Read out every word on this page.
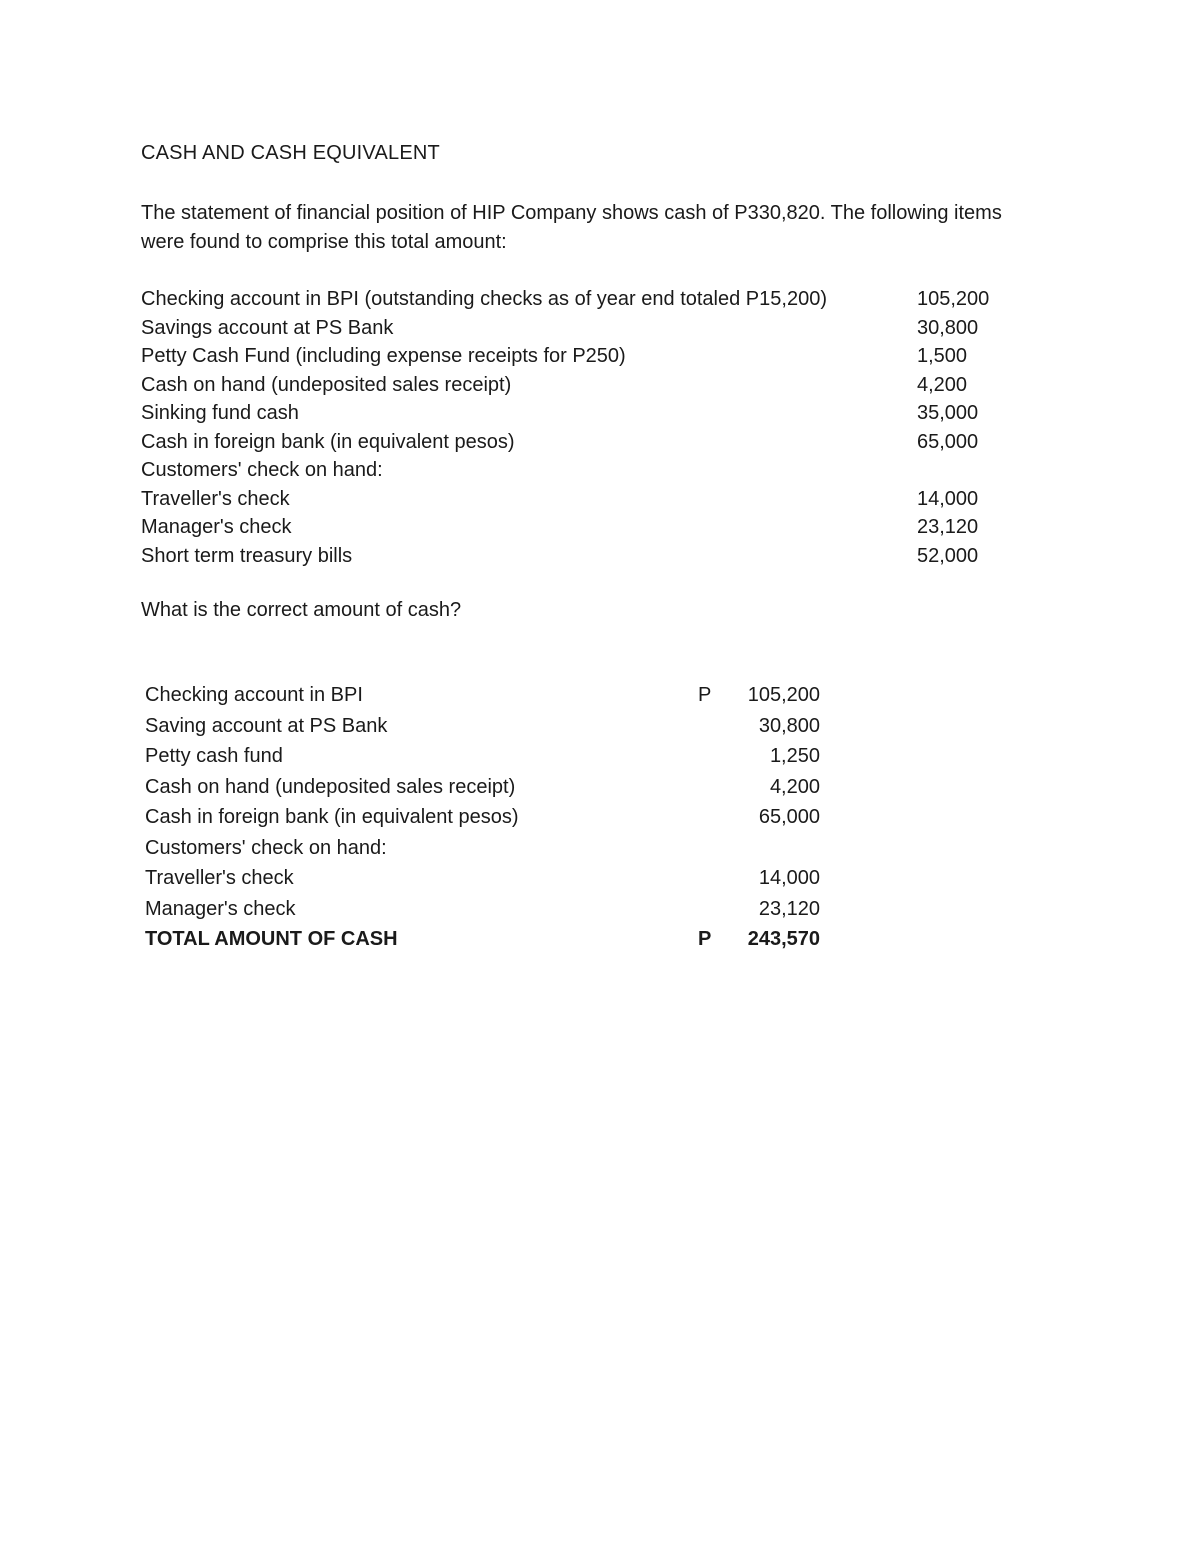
CASH AND CASH EQUIVALENT
The statement of financial position of HIP Company shows cash of P330,820. The following items were found to comprise this total amount:
Checking account in BPI (outstanding checks as of year end totaled P15,200)	105,200
Savings account at PS Bank	30,800
Petty Cash Fund (including expense receipts for P250)	1,500
Cash on hand (undeposited sales receipt)	4,200
Sinking fund cash	35,000
Cash in foreign bank (in equivalent pesos)	65,000
Customers' check on hand:
Traveller's check	14,000
Manager's check	23,120
Short term treasury bills	52,000
What is the correct amount of cash?
Checking account in BPI	P 105,200
Saving account at PS Bank	30,800
Petty cash fund	1,250
Cash on hand (undeposited sales receipt)	4,200
Cash in foreign bank (in equivalent pesos)	65,000
Customers' check on hand:
Traveller's check	14,000
Manager's check	23,120
TOTAL AMOUNT OF CASH	P 243,570
